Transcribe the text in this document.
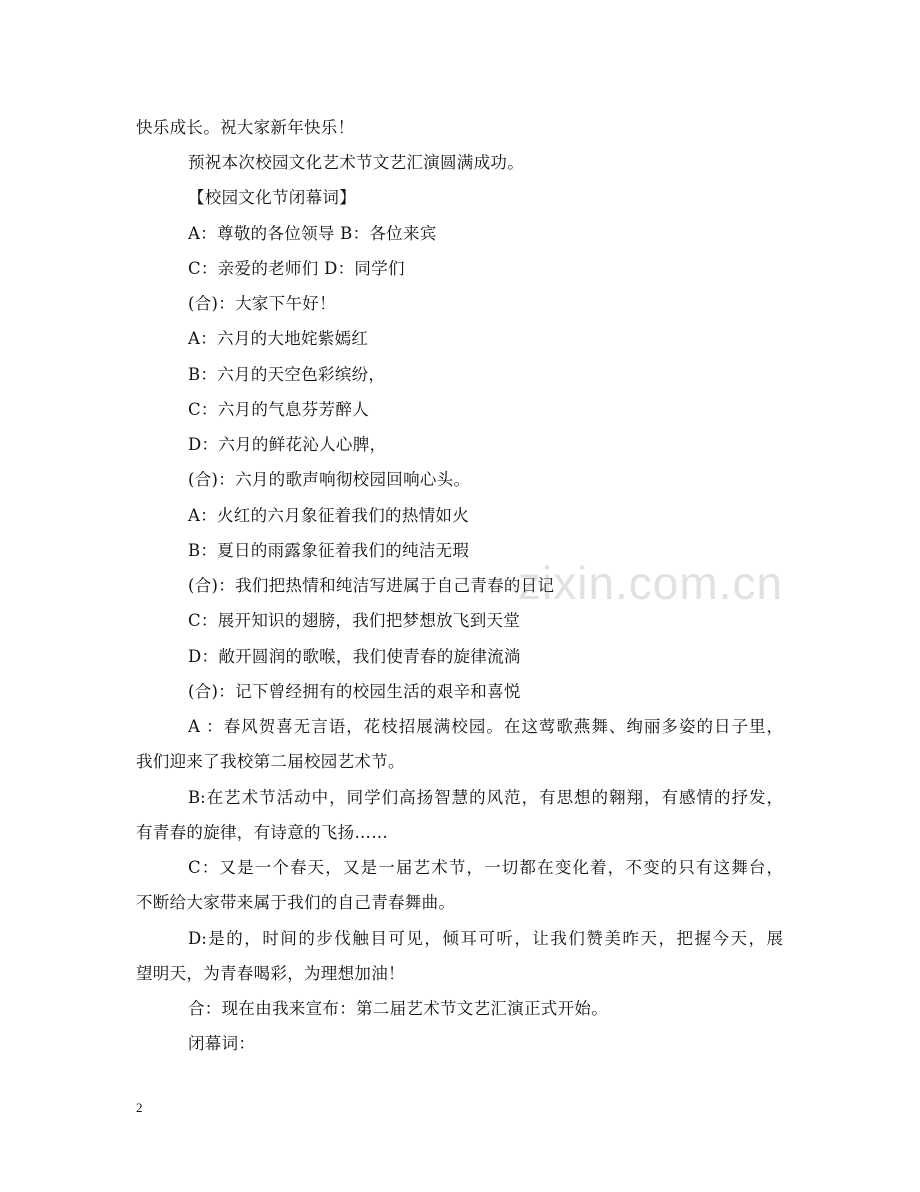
快乐成长。祝大家新年快乐！
预祝本次校园文化艺术节文艺汇演圆满成功。
【校园文化节闭幕词】
A：尊敬的各位领导 B：各位来宾
C：亲爱的老师们 D：同学们
(合)：大家下午好！
A：六月的大地姹紫嫣红
B：六月的天空色彩缤纷，
C：六月的气息芬芳醉人
D：六月的鲜花沁人心脾，
(合)：六月的歌声响彻校园回响心头。
A：火红的六月象征着我们的热情如火
B：夏日的雨露象征着我们的纯洁无瑕
(合)：我们把热情和纯洁写进属于自己青春的日记
C：展开知识的翅膀，我们把梦想放飞到天堂
D：敞开圆润的歌喉，我们使青春的旋律流淌
(合)：记下曾经拥有的校园生活的艰辛和喜悦
A ：春风贺喜无言语，花枝招展满校园。在这莺歌燕舞、绚丽多姿的日子里，
我们迎来了我校第二届校园艺术节。
B:在艺术节活动中，同学们高扬智慧的风范，有思想的翱翔，有感情的抒发，
有青春的旋律，有诗意的飞扬……
C：又是一个春天，又是一届艺术节，一切都在变化着，不变的只有这舞台，
不断给大家带来属于我们的自己青春舞曲。
D:是的，时间的步伐触目可见，倾耳可听，让我们赞美昨天，把握今天，展
望明天，为青春喝彩，为理想加油！
合：现在由我来宣布：第二届艺术节文艺汇演正式开始。
闭幕词：
zixin.com.cn
2
